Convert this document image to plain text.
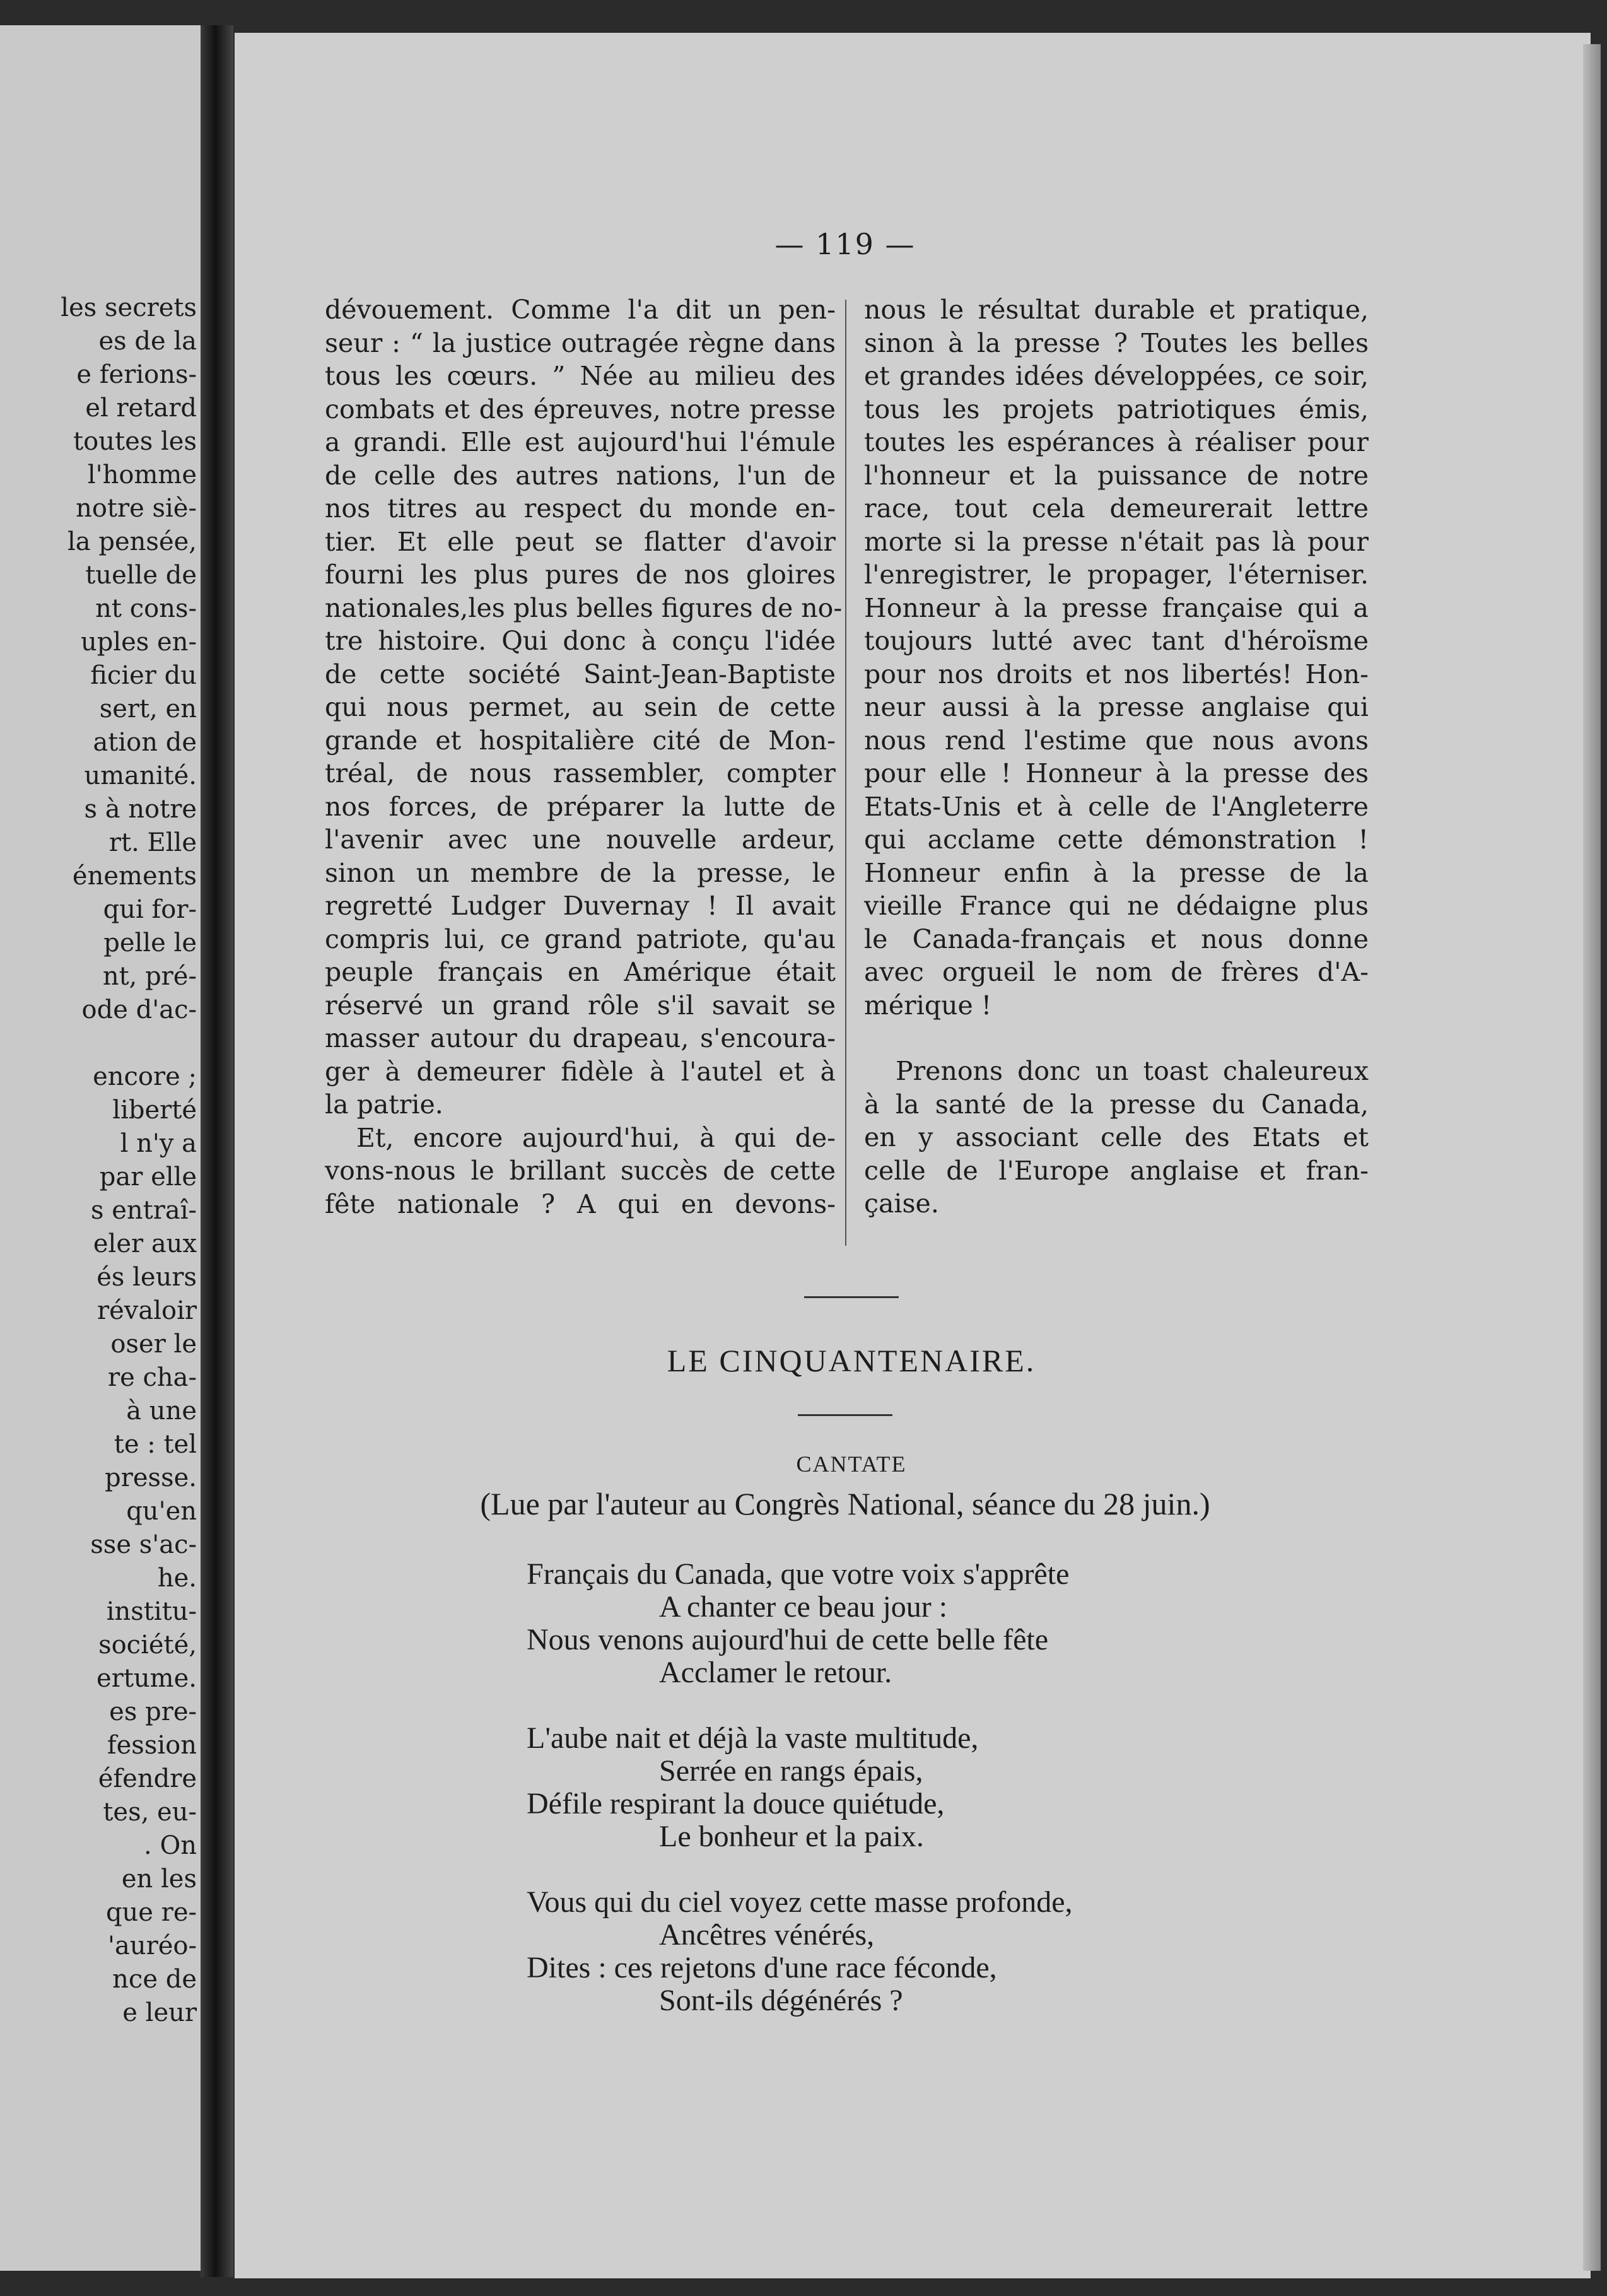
les secrets
es de la
e ferions-
el retard
toutes les
l'homme
notre siè-
la pensée,
tuelle de
nt cons-
uples en-
ficier du
sert, en
ation de
umanité.
s à notre
rt. Elle
énements
qui for-
pelle le
nt, pré-
ode d'ac-

encore ;
liberté
l n'y a
par elle
s entraî-
eler aux
és leurs
révaloir
oser le
re cha-
à une
te : tel
presse.
qu'en
sse s'ac-
he.
institu-
société,
ertume.
es pre-
fession
éfendre
tes, eu-
. On
en les
que re-
'auréo-
nce de
e leur
— 119 —
dévouement. Comme l'a dit un pen-
seur : “ la justice outragée règne dans
tous les cœurs. ” Née au milieu des
combats et des épreuves, notre presse
a grandi. Elle est aujourd'hui l'émule
de celle des autres nations, l'un de
nos titres au respect du monde en-
tier. Et elle peut se flatter d'avoir
fourni les plus pures de nos gloires
nationales,les plus belles figures de no-
tre histoire. Qui donc à conçu l'idée
de cette société Saint-Jean-Baptiste
qui nous permet, au sein de cette
grande et hospitalière cité de Mon-
tréal, de nous rassembler, compter
nos forces, de préparer la lutte de
l'avenir avec une nouvelle ardeur,
sinon un membre de la presse, le
regretté Ludger Duvernay ! Il avait
compris lui, ce grand patriote, qu'au
peuple français en Amérique était
réservé un grand rôle s'il savait se
masser autour du drapeau, s'encoura-
ger à demeurer fidèle à l'autel et à
la patrie.
Et, encore aujourd'hui, à qui de-
vons-nous le brillant succès de cette
fête nationale ? A qui en devons-
nous le résultat durable et pratique,
sinon à la presse ? Toutes les belles
et grandes idées développées, ce soir,
tous les projets patriotiques émis,
toutes les espérances à réaliser pour
l'honneur et la puissance de notre
race, tout cela demeurerait lettre
morte si la presse n'était pas là pour
l'enregistrer, le propager, l'éterniser.
Honneur à la presse française qui a
toujours lutté avec tant d'héroïsme
pour nos droits et nos libertés! Hon-
neur aussi à la presse anglaise qui
nous rend l'estime que nous avons
pour elle ! Honneur à la presse des
Etats-Unis et à celle de l'Angleterre
qui acclame cette démonstration !
Honneur enfin à la presse de la
vieille France qui ne dédaigne plus
le Canada-français et nous donne
avec orgueil le nom de frères d'A-
mérique !
Prenons donc un toast chaleureux
à la santé de la presse du Canada,
en y associant celle des Etats et
celle de l'Europe anglaise et fran-
çaise.
LE CINQUANTENAIRE.
CANTATE
(Lue par l'auteur au Congrès National, séance du 28 juin.)
Français du Canada, que votre voix s'apprête
A chanter ce beau jour :
Nous venons aujourd'hui de cette belle fête
Acclamer le retour.
L'aube nait et déjà la vaste multitude,
Serrée en rangs épais,
Défile respirant la douce quiétude,
Le bonheur et la paix.
Vous qui du ciel voyez cette masse profonde,
Ancêtres vénérés,
Dites : ces rejetons d'une race féconde,
Sont-ils dégénérés ?
